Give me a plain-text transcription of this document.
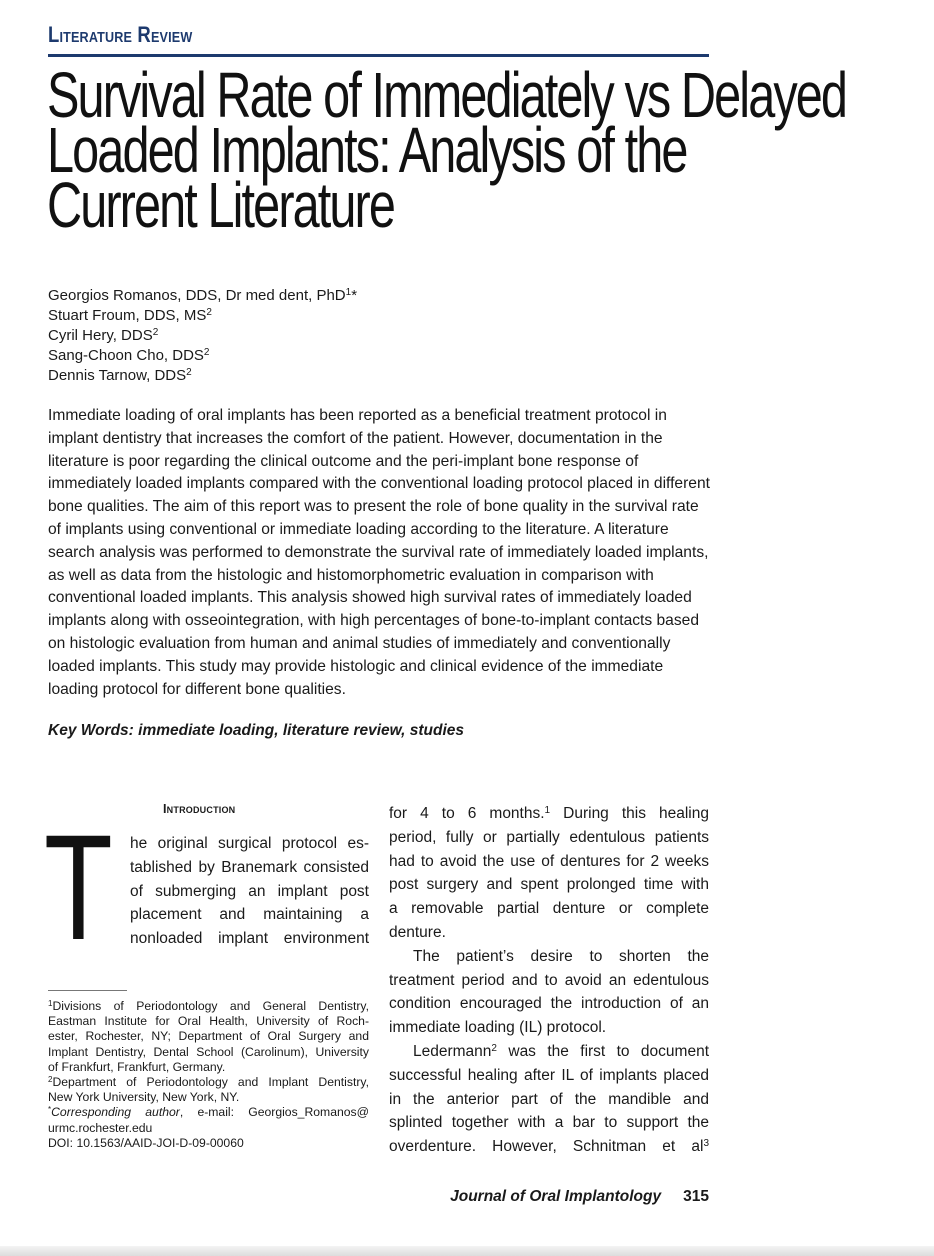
Literature Review
Survival Rate of Immediately vs Delayed
Loaded Implants: Analysis of the
Current Literature
Georgios Romanos, DDS, Dr med dent, PhD$^1$*
Stuart Froum, DDS, $MS^2$
Cyril Hery, DDS$^2$
Sang-Choon Cho, DDS$^2$
Dennis Tarnow, DDS$^2$
Immediate loading of oral implants has been reported as a beneficial treatment protocol in implant dentistry that increases the comfort of the patient. However, documentation in the literature is poor regarding the clinical outcome and the peri-implant bone response of immediately loaded implants compared with the conventional loading protocol placed in different bone qualities. The aim of this report was to present the role of bone quality in the survival rate of implants using conventional or immediate loading according to the literature. A literature search analysis was performed to demonstrate the survival rate of immediately loaded implants, as well as data from the histologic and histomorphometric evaluation in comparison with conventional loaded implants. This analysis showed high survival rates of immediately loaded implants along with osseointegration, with high percentages of bone-to-implant contacts based on histologic evaluation from human and animal studies of immediately and conventionally loaded implants. This study may provide histologic and clinical evidence of the immediate loading protocol for different bone qualities.
Key Words: immediate loading, literature review, studies
Introduction
T he original surgical protocol es-
tablished by Branemark consisted
of submerging an implant post
placement and maintaining a
nonloaded implant environment
$^1$Divisions of Periodontology and General Dentistry,
Eastman Institute for Oral Health, University of Roch-
ester, Rochester, NY; Department of Oral Surgery and
Implant Dentistry, Dental School (Carolinum), University
of Frankfurt, Frankfurt, Germany.
$^2$Department of Periodontology and Implant Dentistry,
New York University, New York, NY.
*Corresponding author, e-mail: Georgios_Romanos@
urmc.rochester.edu
DOI: 10.1563/AAID-JOI-D-09-00060
for 4 to 6 months.$^1$ During this healing
period, fully or partially edentulous patients
had to avoid the use of dentures for 2 weeks
post surgery and spent prolonged time with
a removable partial denture or complete
denture.
The patient’s desire to shorten the
treatment period and to avoid an edentulous
condition encouraged the introduction of an
immediate loading (IL) protocol.
Ledermann$^2$ was the first to document
successful healing after IL of implants placed
in the anterior part of the mandible and
splinted together with a bar to support the
overdenture. However, Schnitman et $al^3$
Journal of Oral Implantology 315
